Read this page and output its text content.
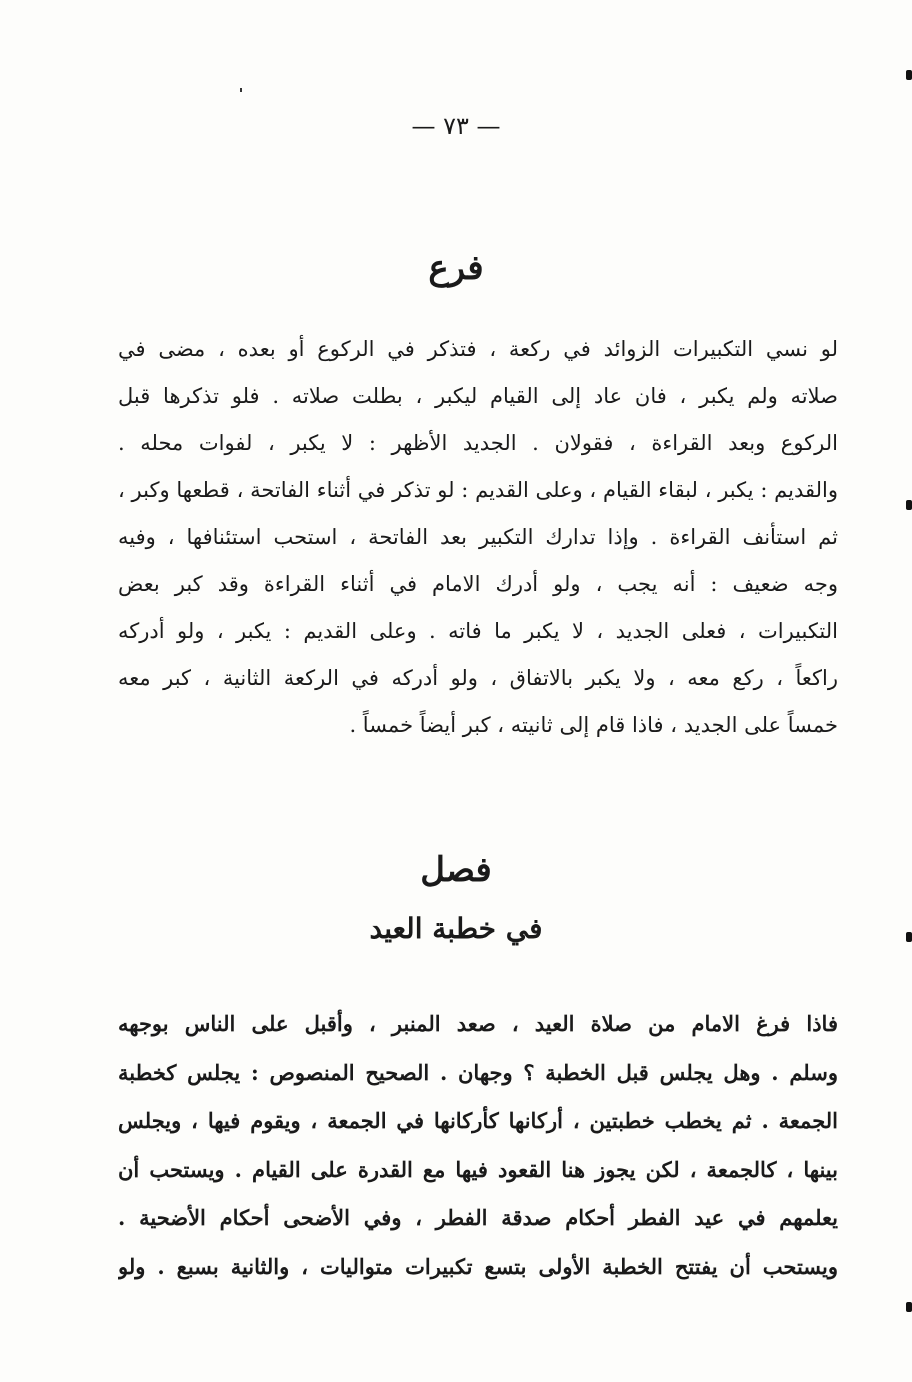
— ٧٣ —
فرع
لو نسي التكبيرات الزوائد في ركعة ، فتذكر في الركوع أو بعده ، مضى في
صلاته ولم يكبر ، فان عاد إلى القيام ليكبر ، بطلت صلاته . فلو تذكرها قبل
الركوع وبعد القراءة ، فقولان . الجديد الأظهر : لا يكبر ، لفوات محله .
والقديم : يكبر ، لبقاء القيام ، وعلى القديم : لو تذكر في أثناء الفاتحة ، قطعها وكبر ،
ثم استأنف القراءة . وإذا تدارك التكبير بعد الفاتحة ، استحب استئنافها ، وفيه
وجه ضعيف : أنه يجب ، ولو أدرك الامام في أثناء القراءة وقد كبر بعض
التكبيرات ، فعلى الجديد ، لا يكبر ما فاته . وعلى القديم : يكبر ، ولو أدركه
راكعاً ، ركع معه ، ولا يكبر بالاتفاق ، ولو أدركه في الركعة الثانية ، كبر معه
خمساً على الجديد ، فاذا قام إلى ثانيته ، كبر أيضاً خمساً .
فصل
في خطبة العيد
فاذا فرغ الامام من صلاة العيد ، صعد المنبر ، وأقبل على الناس بوجهه
وسلم . وهل يجلس قبل الخطبة ؟ وجهان . الصحيح المنصوص : يجلس كخطبة
الجمعة . ثم يخطب خطبتين ، أركانها كأركانها في الجمعة ، ويقوم فيها ، ويجلس
بينها ، كالجمعة ، لكن يجوز هنا القعود فيها مع القدرة على القيام . ويستحب أن
يعلمهم في عيد الفطر أحكام صدقة الفطر ، وفي الأضحى أحكام الأضحية .
ويستحب أن يفتتح الخطبة الأولى بتسع تكبيرات متواليات ، والثانية بسبع . ولو
